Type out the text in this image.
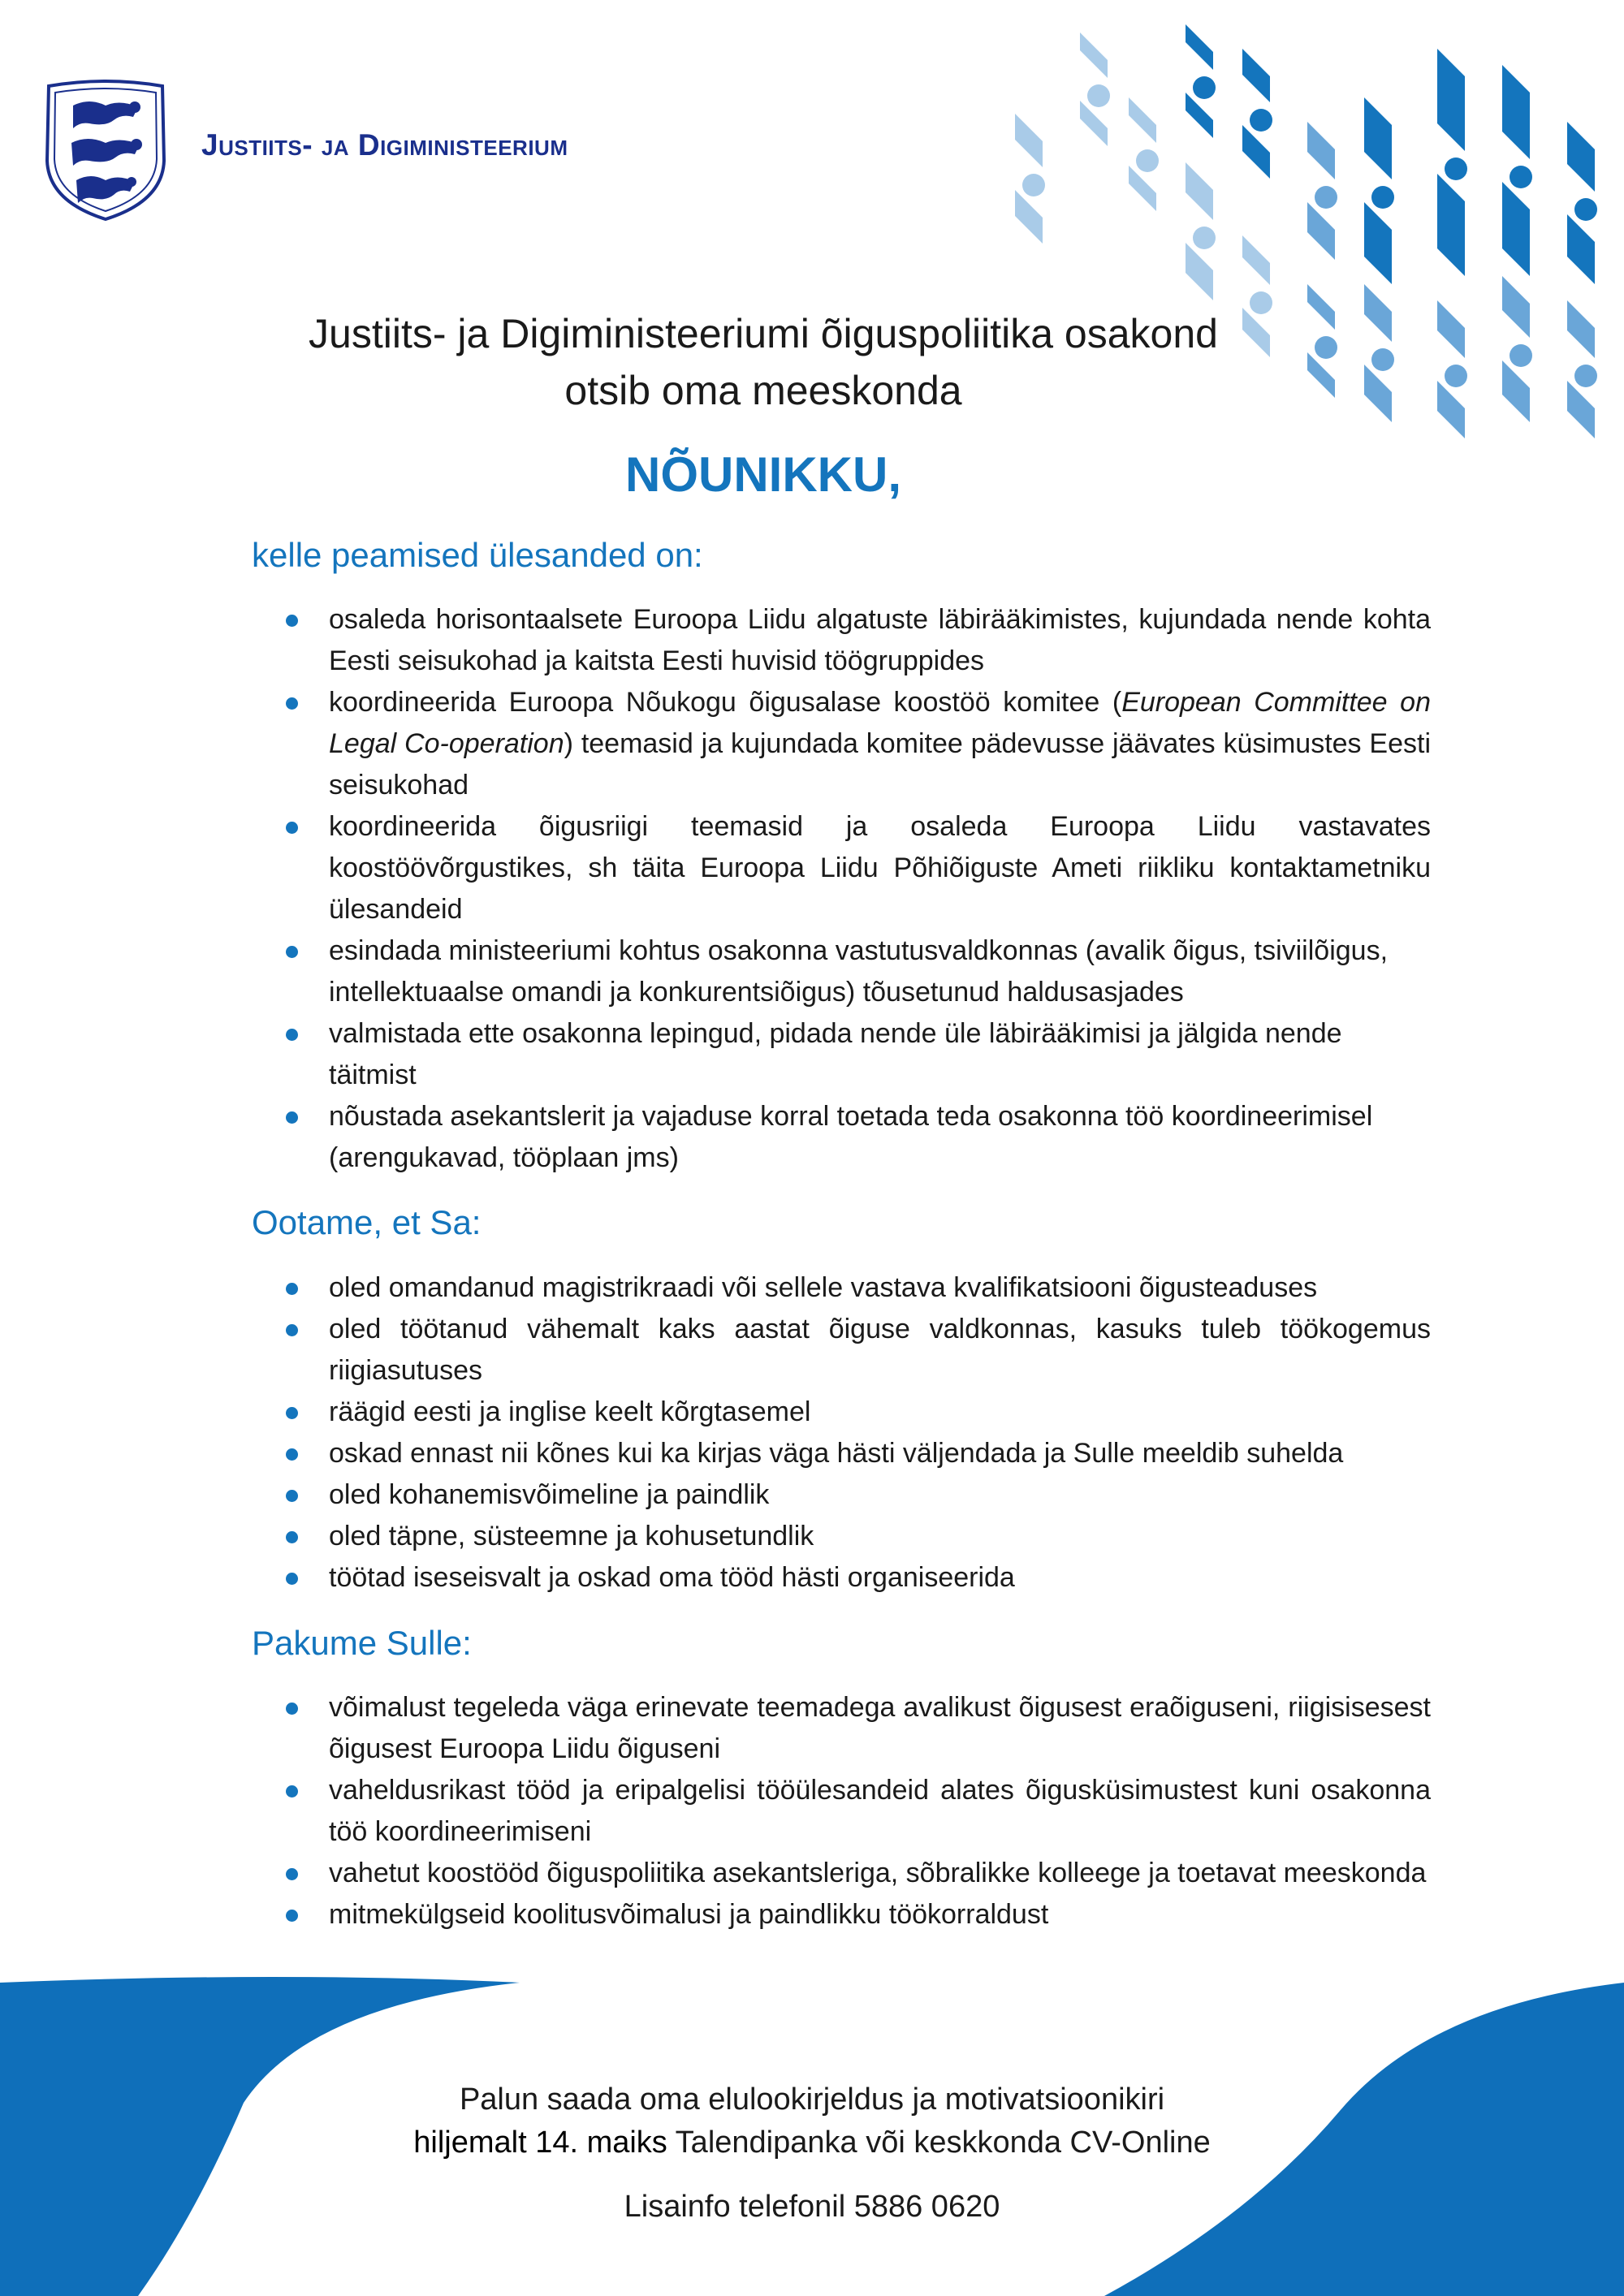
Justiits- ja Digiministeerium
Justiits- ja Digiministeeriumi õiguspoliitika osakond
otsib oma meeskonda
NÕUNIKKU,
kelle peamised ülesanded on:
osaleda horisontaalsete Euroopa Liidu algatuste läbirääkimistes, kujundada nende kohta Eesti seisukohad ja kaitsta Eesti huvisid töögruppides
koordineerida Euroopa Nõukogu õigusalase koostöö komitee (European Committee on Legal Co-operation) teemasid ja kujundada komitee pädevusse jäävates küsimustes Eesti seisukohad
koordineerida õigusriigi teemasid ja osaleda Euroopa Liidu vastavates koostöövõrgustikes, sh täita Euroopa Liidu Põhiõiguste Ameti riikliku kontaktametniku ülesandeid
esindada ministeeriumi kohtus osakonna vastutusvaldkonnas (avalik õigus, tsiviilõigus, intellektuaalse omandi ja konkurentsiõigus) tõusetunud haldusasjades
valmistada ette osakonna lepingud, pidada nende üle läbirääkimisi ja jälgida nende täitmist
nõustada asekantslerit ja vajaduse korral toetada teda osakonna töö koordineerimisel (arengukavad, tööplaan jms)
Ootame, et Sa:
oled omandanud magistrikraadi või sellele vastava kvalifikatsiooni õigusteaduses
oled töötanud vähemalt kaks aastat õiguse valdkonnas, kasuks tuleb töökogemus riigiasutuses
räägid eesti ja inglise keelt kõrgtasemel
oskad ennast nii kõnes kui ka kirjas väga hästi väljendada ja Sulle meeldib suhelda
oled kohanemisvõimeline ja paindlik
oled täpne, süsteemne ja kohusetundlik
töötad iseseisvalt ja oskad oma tööd hästi organiseerida
Pakume Sulle:
võimalust tegeleda väga erinevate teemadega avalikust õigusest eraõiguseni, riigisisesest õigusest Euroopa Liidu õiguseni
vaheldusrikast tööd ja eripalgelisi tööülesandeid alates õigusküsimustest kuni osakonna töö koordineerimiseni
vahetut koostööd õiguspoliitika asekantsleriga, sõbralikke kolleege ja toetavat meeskonda
mitmekülgseid koolitusvõimalusi ja paindlikku töökorraldust
Palun saada oma elulookirjeldus ja motivatsioonikiri
hiljemalt 14. maiks Talendipanka või keskkonda CV-Online
Lisainfo telefonil 5886 0620
